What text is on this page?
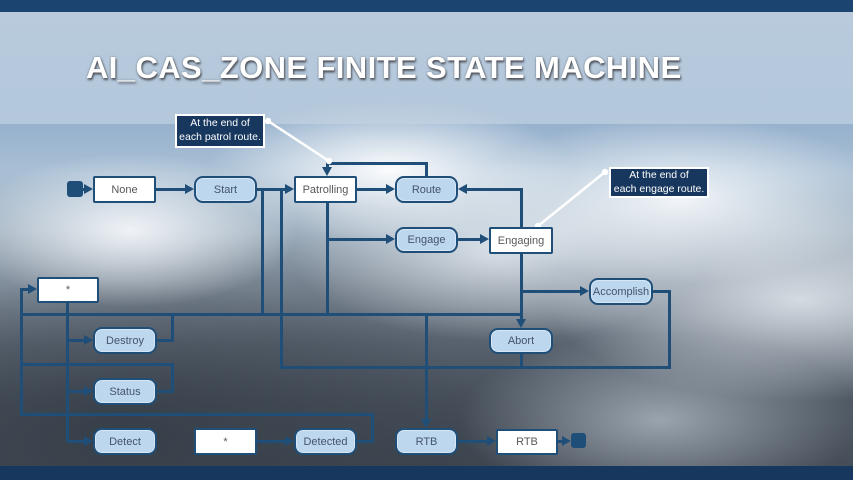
AI_CAS_ZONE FINITE STATE MACHINE
At the end of
each patrol route.
At the end of
each engage route.
None	Start	Patrolling	Route
Engage	Engaging
Accomplish
Abort
*
Destroy
Status
Detect	*	Detected	RTB	RTB
